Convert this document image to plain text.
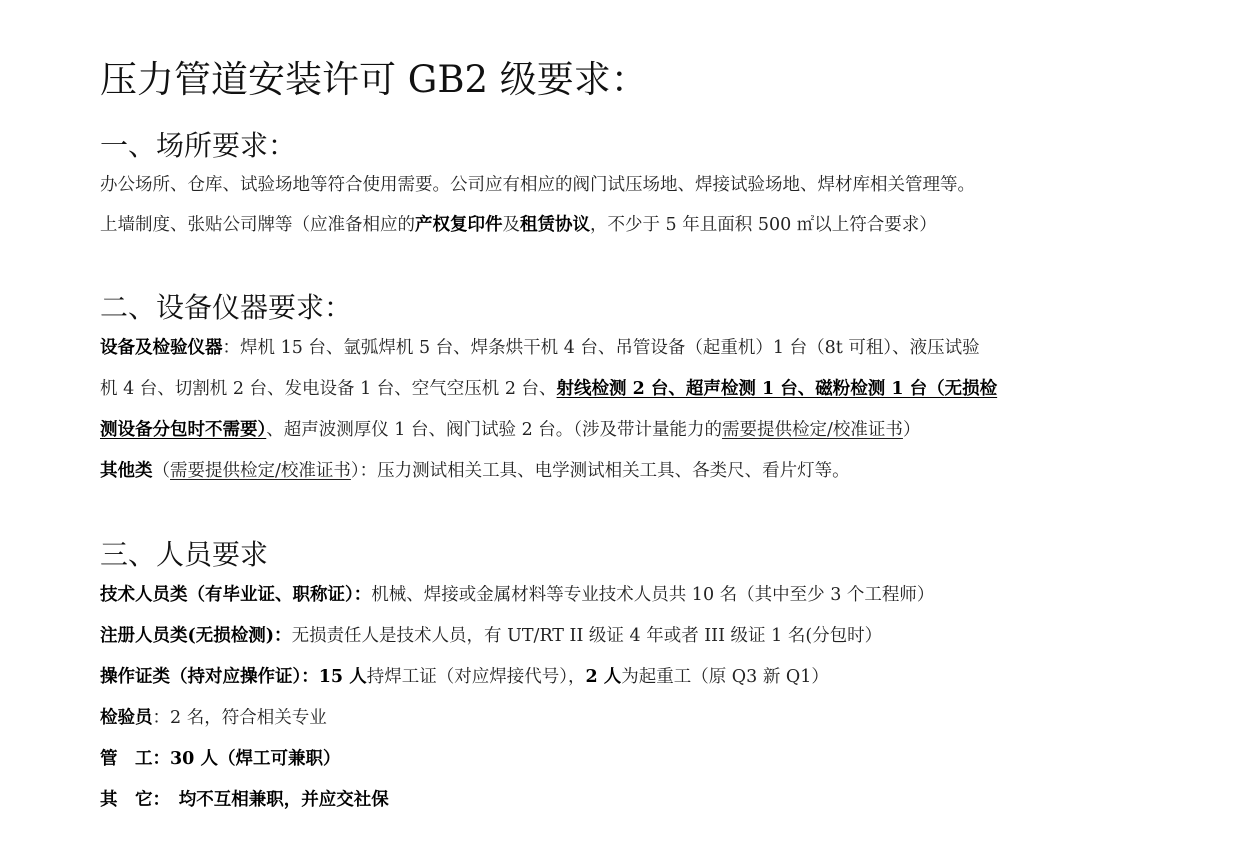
压力管道安装许可 GB2 级要求：
一、场所要求：
办公场所、仓库、试验场地等符合使用需要。公司应有相应的阀门试压场地、焊接试验场地、焊材库相关管理等。
上墙制度、张贴公司牌等（应准备相应的产权复印件及租赁协议，不少于 5 年且面积 500 ㎡以上符合要求）
二、设备仪器要求：
设备及检验仪器：焊机 15 台、氩弧焊机 5 台、焊条烘干机 4 台、吊管设备（起重机）1 台（8t 可租）、液压试验
机 4 台、切割机 2 台、发电设备 1 台、空气空压机 2 台、射线检测 2 台、超声检测 1 台、磁粉检测 1 台（无损检
测设备分包时不需要）、超声波测厚仪 1 台、阀门试验 2 台。（涉及带计量能力的需要提供检定/校准证书）
其他类（需要提供检定/校准证书）：压力测试相关工具、电学测试相关工具、各类尺、看片灯等。
三、人员要求
技术人员类（有毕业证、职称证）：机械、焊接或金属材料等专业技术人员共 10 名（其中至少 3 个工程师）
注册人员类(无损检测)：无损责任人是技术人员，有 UT/RT II 级证 4 年或者 III 级证 1 名(分包时）
操作证类（持对应操作证）：15 人持焊工证（对应焊接代号），2 人为起重工（原 Q3 新 Q1）
检验员：2 名，符合相关专业
管　工：30 人（焊工可兼职）
其　它：　均不互相兼职，并应交社保
